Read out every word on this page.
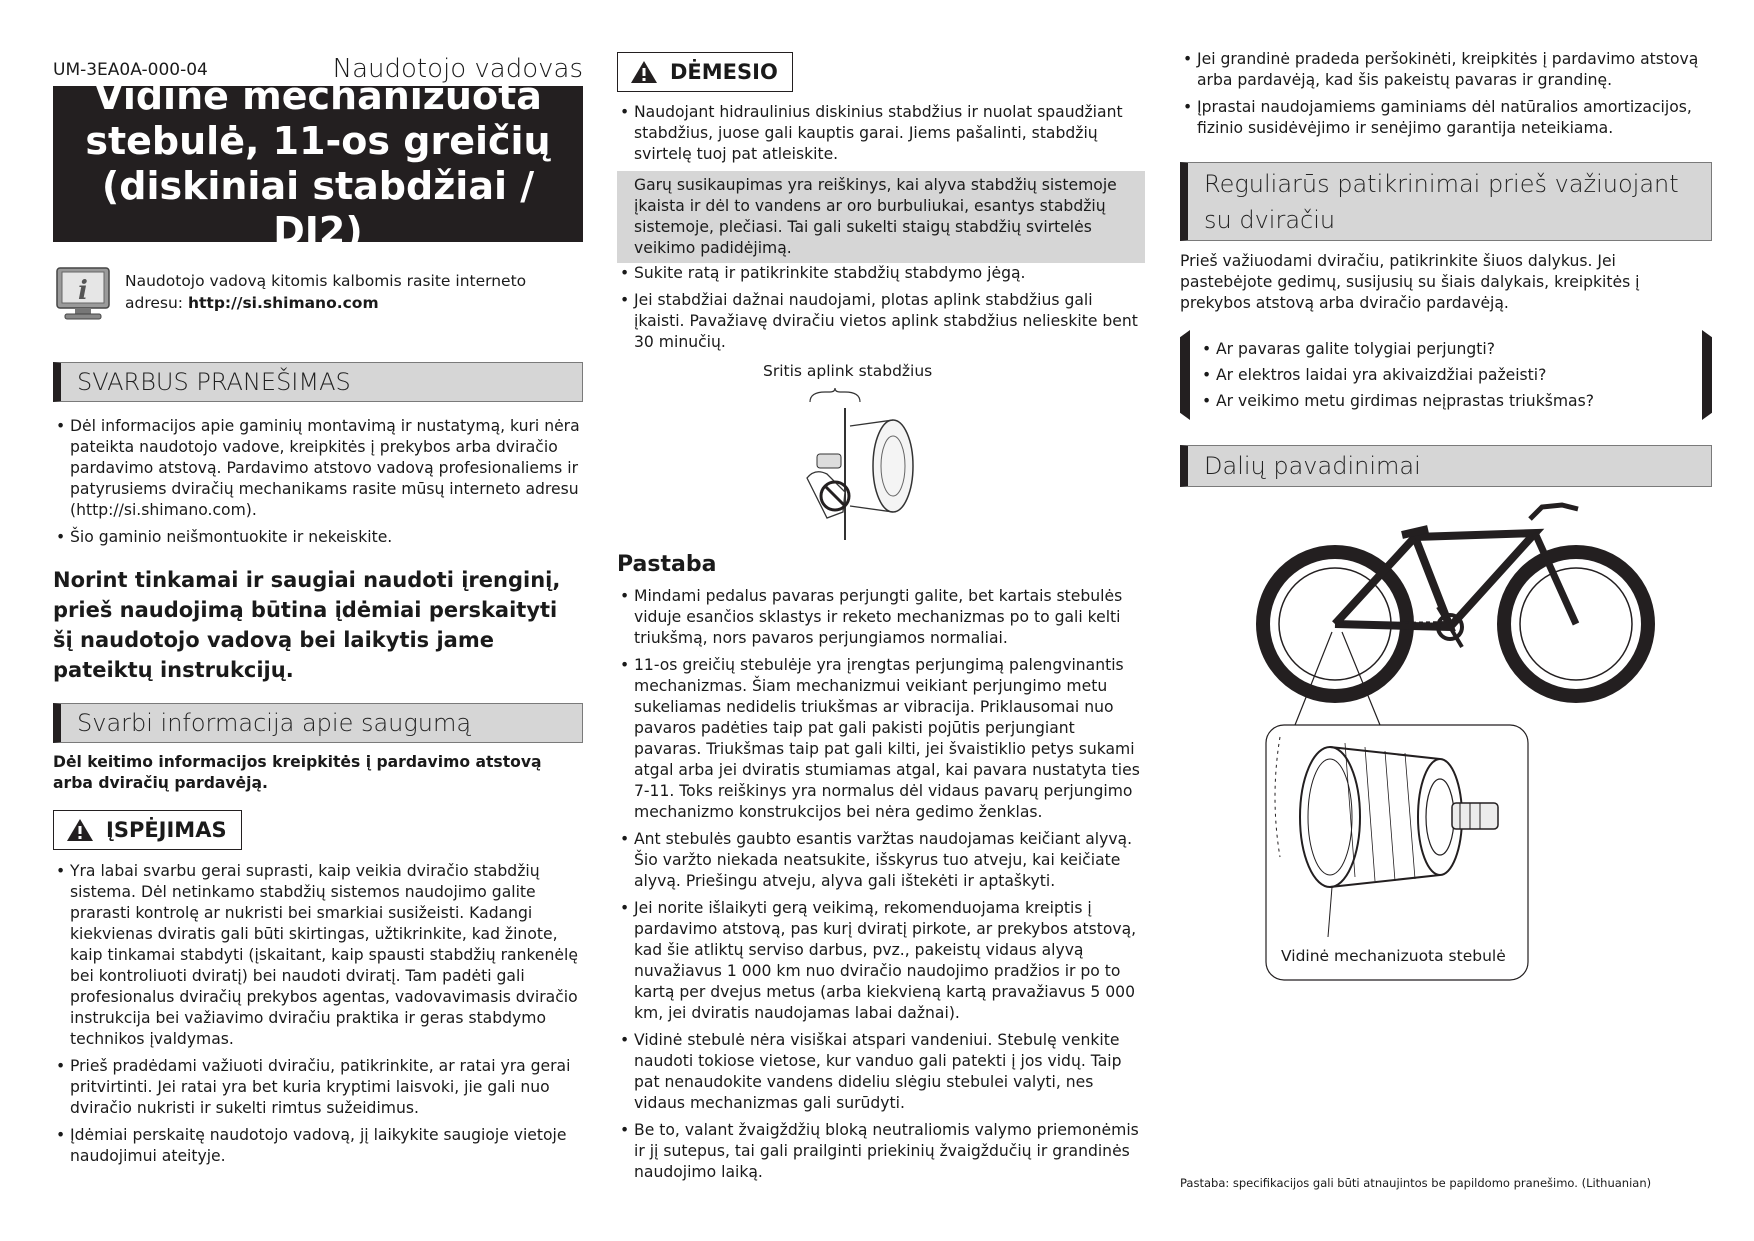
UM-3EA0A-000-04	Naudotojo vadovas
Vidinė mechanizuota stebulė, 11-os greičių (diskiniai stabdžiai / DI2)
i Naudotojo vadovą kitomis kalbomis rasite interneto adresu: http://si.shimano.com
SVARBUS PRANEŠIMAS
• Dėl informacijos apie gaminių montavimą ir nustatymą, kuri nėra pateikta naudotojo vadove, kreipkitės į prekybos arba dviračio pardavimo atstovą. Pardavimo atstovo vadovą profesionaliems ir patyrusiems dviračių mechanikams rasite mūsų interneto adresu (http://si.shimano.com).
• Šio gaminio neišmontuokite ir nekeiskite.
Norint tinkamai ir saugiai naudoti įrenginį, prieš naudojimą būtina įdėmiai perskaityti šį naudotojo vadovą bei laikytis jame pateiktų instrukcijų.
Svarbi informacija apie saugumą
Dėl keitimo informacijos kreipkitės į pardavimo atstovą arba dviračių pardavėją.
ĮSPĖJIMAS
• Yra labai svarbu gerai suprasti, kaip veikia dviračio stabdžių sistema. Dėl netinkamo stabdžių sistemos naudojimo galite prarasti kontrolę ar nukristi bei smarkiai susižeisti. Kadangi kiekvienas dviratis gali būti skirtingas, užtikrinkite, kad žinote, kaip tinkamai stabdyti (įskaitant, kaip spausti stabdžių rankenėlę bei kontroliuoti dviratį) bei naudoti dviratį. Tam padėti gali profesionalus dviračių prekybos agentas, vadovavimasis dviračio instrukcija bei važiavimo dviračiu praktika ir geras stabdymo technikos įvaldymas.
• Prieš pradėdami važiuoti dviračiu, patikrinkite, ar ratai yra gerai pritvirtinti. Jei ratai yra bet kuria kryptimi laisvoki, jie gali nuo dviračio nukristi ir sukelti rimtus sužeidimus.
• Įdėmiai perskaitę naudotojo vadovą, jį laikykite saugioje vietoje naudojimui ateityje.
DĖMESIO
• Naudojant hidraulinius diskinius stabdžius ir nuolat spaudžiant stabdžius, juose gali kauptis garai. Jiems pašalinti, stabdžių svirtelę tuoj pat atleiskite.
Garų susikaupimas yra reiškinys, kai alyva stabdžių sistemoje įkaista ir dėl to vandens ar oro burbuliukai, esantys stabdžių sistemoje, plečiasi. Tai gali sukelti staigų stabdžių svirtelės veikimo padidėjimą.
• Sukite ratą ir patikrinkite stabdžių stabdymo jėgą.
• Jei stabdžiai dažnai naudojami, plotas aplink stabdžius gali įkaisti. Pavažiavę dviračiu vietos aplink stabdžius nelieskite bent 30 minučių.
Sritis aplink stabdžius
Pastaba
• Mindami pedalus pavaras perjungti galite, bet kartais stebulės viduje esančios sklastys ir reketo mechanizmas po to gali kelti triukšmą, nors pavaros perjungiamos normaliai.
• 11-os greičių stebulėje yra įrengtas perjungimą palengvinantis mechanizmas. Šiam mechanizmui veikiant perjungimo metu sukeliamas nedidelis triukšmas ar vibracija. Priklausomai nuo pavaros padėties taip pat gali pakisti pojūtis perjungiant pavaras. Triukšmas taip pat gali kilti, jei švaistiklio petys sukami atgal arba jei dviratis stumiamas atgal, kai pavara nustatyta ties 7-11. Toks reiškinys yra normalus dėl vidaus pavarų perjungimo mechanizmo konstrukcijos bei nėra gedimo ženklas.
• Ant stebulės gaubto esantis varžtas naudojamas keičiant alyvą. Šio varžto niekada neatsukite, išskyrus tuo atveju, kai keičiate alyvą. Priešingu atveju, alyva gali ištekėti ir aptaškyti.
• Jei norite išlaikyti gerą veikimą, rekomenduojama kreiptis į pardavimo atstovą, pas kurį dviratį pirkote, ar prekybos atstovą, kad šie atliktų serviso darbus, pvz., pakeistų vidaus alyvą nuvažiavus 1 000 km nuo dviračio naudojimo pradžios ir po to kartą per dvejus metus (arba kiekvieną kartą pravažiavus 5 000 km, jei dviratis naudojamas labai dažnai).
• Vidinė stebulė nėra visiškai atspari vandeniui. Stebulę venkite naudoti tokiose vietose, kur vanduo gali patekti į jos vidų. Taip pat nenaudokite vandens dideliu slėgiu stebulei valyti, nes vidaus mechanizmas gali surūdyti.
• Be to, valant žvaigždžių bloką neutraliomis valymo priemonėmis ir jį sutepus, tai gali prailginti priekinių žvaigždučių ir grandinės naudojimo laiką.
• Jei grandinė pradeda peršokinėti, kreipkitės į pardavimo atstovą arba pardavėją, kad šis pakeistų pavaras ir grandinę.
• Įprastai naudojamiems gaminiams dėl natūralios amortizacijos, fizinio susidėvėjimo ir senėjimo garantija neteikiama.
Reguliarūs patikrinimai prieš važiuojant
su dviračiu
Prieš važiuodami dviračiu, patikrinkite šiuos dalykus. Jei pastebėjote gedimų, susijusių su šiais dalykais, kreipkitės į prekybos atstovą arba dviračio pardavėją.
• Ar pavaras galite tolygiai perjungti?
• Ar elektros laidai yra akivaizdžiai pažeisti?
• Ar veikimo metu girdimas neįprastas triukšmas?
Dalių pavadinimai
Vidinė mechanizuota stebulė
Pastaba: specifikacijos gali būti atnaujintos be papildomo pranešimo. (Lithuanian)
